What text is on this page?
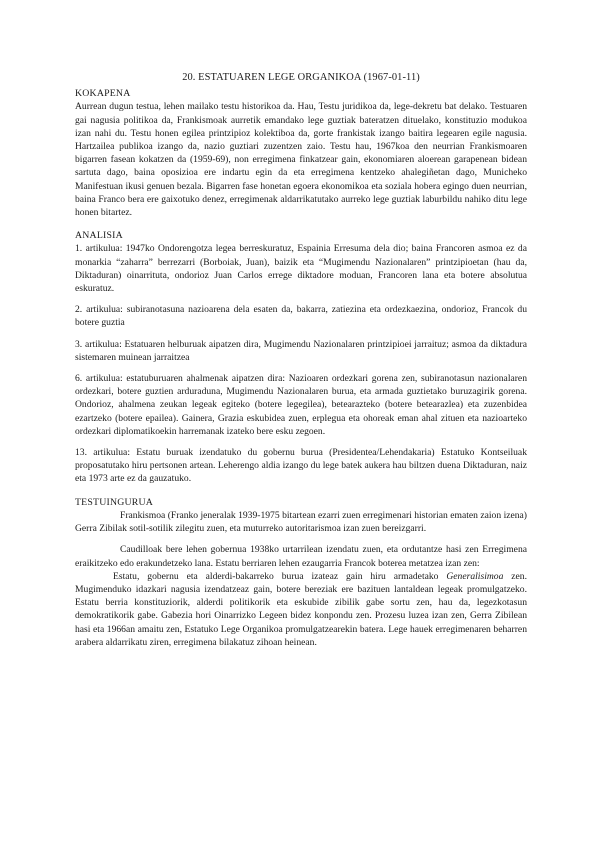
20. ESTATUAREN LEGE ORGANIKOA (1967-01-11)
KOKAPENA

Aurrean dugun testua, lehen mailako testu historikoa da. Hau, Testu juridikoa da, lege-dekretu bat delako. Testuaren gai nagusia politikoa da, Frankismoak aurretik emandako lege guztiak bateratzen dituelako, konstituzio modukoa izan nahi du. Testu honen egilea printzipioz kolektiboa da, gorte frankistak izango baitira legearen egile nagusia. Hartzailea publikoa izango da, nazio guztiari zuzentzen zaio. Testu hau, 1967koa den neurrian Frankismoaren bigarren fasean kokatzen da (1959-69), non erregimena finkatzear gain, ekonomiaren aloerean garapenean bidean sartuta dago, baina oposizioa ere indartu egin da eta erregimena kentzeko ahalegiñetan dago, Municheko Manifestuan ikusi genuen bezala. Bigarren fase honetan egoera ekonomikoa eta soziala hobera egingo duen neurrian, baina Franco bera ere gaixotuko denez, erregimenak aldarrikatutako aurreko lege guztiak laburbildu nahiko ditu lege honen bitartez.

ANALISIA

1. artikulua: 1947ko Ondorengotza legea berreskuratuz, Espainia Erresuma dela dio; baina Francoren asmoa ez da monarkia “zaharra” berrezarri (Borboiak, Juan), baizik eta “Mugimendu Nazionalaren” printzipioetan (hau da, Diktaduran) oinarrituta, ondorioz Juan Carlos errege diktadore moduan, Francoren lana eta botere absolutua eskuratuz.

2. artikulua: subiranotasuna nazioarena dela esaten da, bakarra, zatiezina eta ordezkaezina, ondorioz, Francok du botere guztia

3. artikulua: Estatuaren helburuak aipatzen dira, Mugimendu Nazionalaren printzipioei jarraituz; asmoa da diktadura sistemaren muinean jarraitzea

6. artikulua: estatuburuaren ahalmenak aipatzen dira: Nazioaren ordezkari gorena zen, subiranotasun nazionalaren ordezkari, botere guztien arduraduna, Mugimendu Nazionalaren burua, eta armada guztietako buruzagirik gorena. Ondorioz, ahalmena zeukan legeak egiteko (botere legegilea), betearazteko (botere betearazlea) eta zuzenbidea ezartzeko (botere epailea). Gainera, Grazia eskubidea zuen, erplegua eta ohoreak eman ahal zituen eta nazioarteko ordezkari diplomatikoekin harremanak izateko bere esku zegoen.

13. artikulua: Estatu buruak izendatuko du gobernu burua (Presidentea/Lehendakaria) Estatuko Kontseiluak proposatutako hiru pertsonen artean. Leherengo aldia izango du lege batek aukera hau biltzen duena Diktaduran, naiz eta 1973 arte ez da gauzatuko.

TESTUINGURUA

Frankismoa (Franko jeneralak 1939-1975 bitartean ezarri zuen erregimenari historian ematen zaion izena) Gerra Zibilak sotil-sotilik zilegitu zuen, eta muturreko autoritarismoa izan zuen bereizgarri.

Caudilloak bere lehen gobernua 1938ko urtarrilean izendatu zuen, eta ordutantze hasi zen Erregimena eraikitzeko edo erakundetzeko lana. Estatu berriaren lehen ezaugarria Francok boterea metatzea izan zen:

Estatu, gobernu eta alderdi-bakarreko burua izateaz gain hiru armadetako Generalisimoa zen. Mugimenduko idazkari nagusia izendatzeaz gain, botere bereziak ere bazituen lantaldean legeak promulgatzeko. Estatu berria konstituziorik, alderdi politikorik eta eskubide zibilik gabe sortu zen, hau da, legezkotasun demokratikorik gabe. Gabezia hori Oinarrizko Legeen bidez konpondu zen. Prozesu luzea izan zen, Gerra Zibilean hasi eta 1966an amaitu zen, Estatuko Lege Organikoa promulgatzearekin batera. Lege hauek erregimenaren beharren arabera aldarrikatu ziren, erregimena bilakatuz zihoan heinean.
